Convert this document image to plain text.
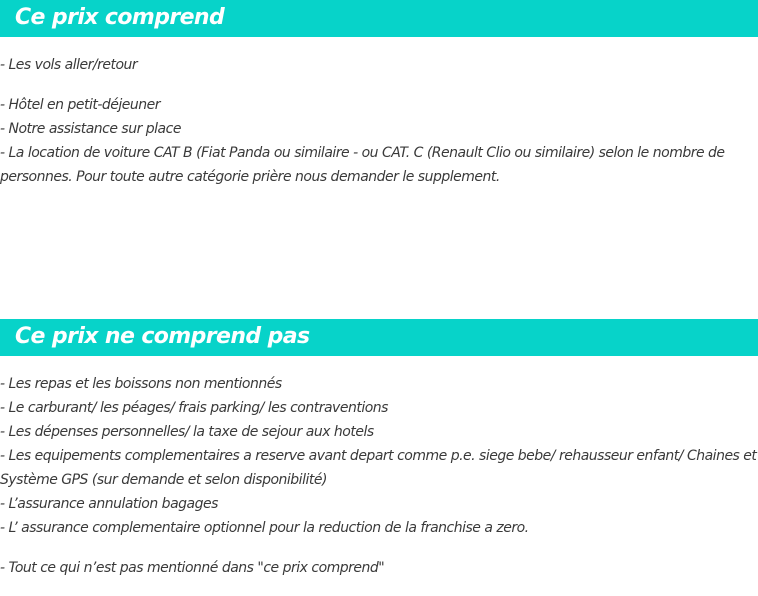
Ce prix comprend

- Les vols aller/retour

- Hôtel en petit-déjeuner

- Notre assistance sur place

- La location de voiture CAT B (Fiat Panda ou similaire - ou CAT. C (Renault Clio ou similaire) selon le nombre de

personnes. Pour toute autre catégorie prière nous demander le supplement.

Ce prix ne comprend pas

- Les repas et les boissons non mentionnés

- Le carburant/ les péages/ frais parking/ les contraventions

- Les dépenses personnelles/ la taxe de sejour aux hotels

- Les equipements complementaires a reserve avant depart comme p.e. siege bebe/ rehausseur enfant/ Chaines et

Système GPS (sur demande et selon disponibilité)

- L’assurance annulation bagages

- L’ assurance complementaire optionnel pour la reduction de la franchise a zero.

- Tout ce qui n’est pas mentionné dans "ce prix comprend"
